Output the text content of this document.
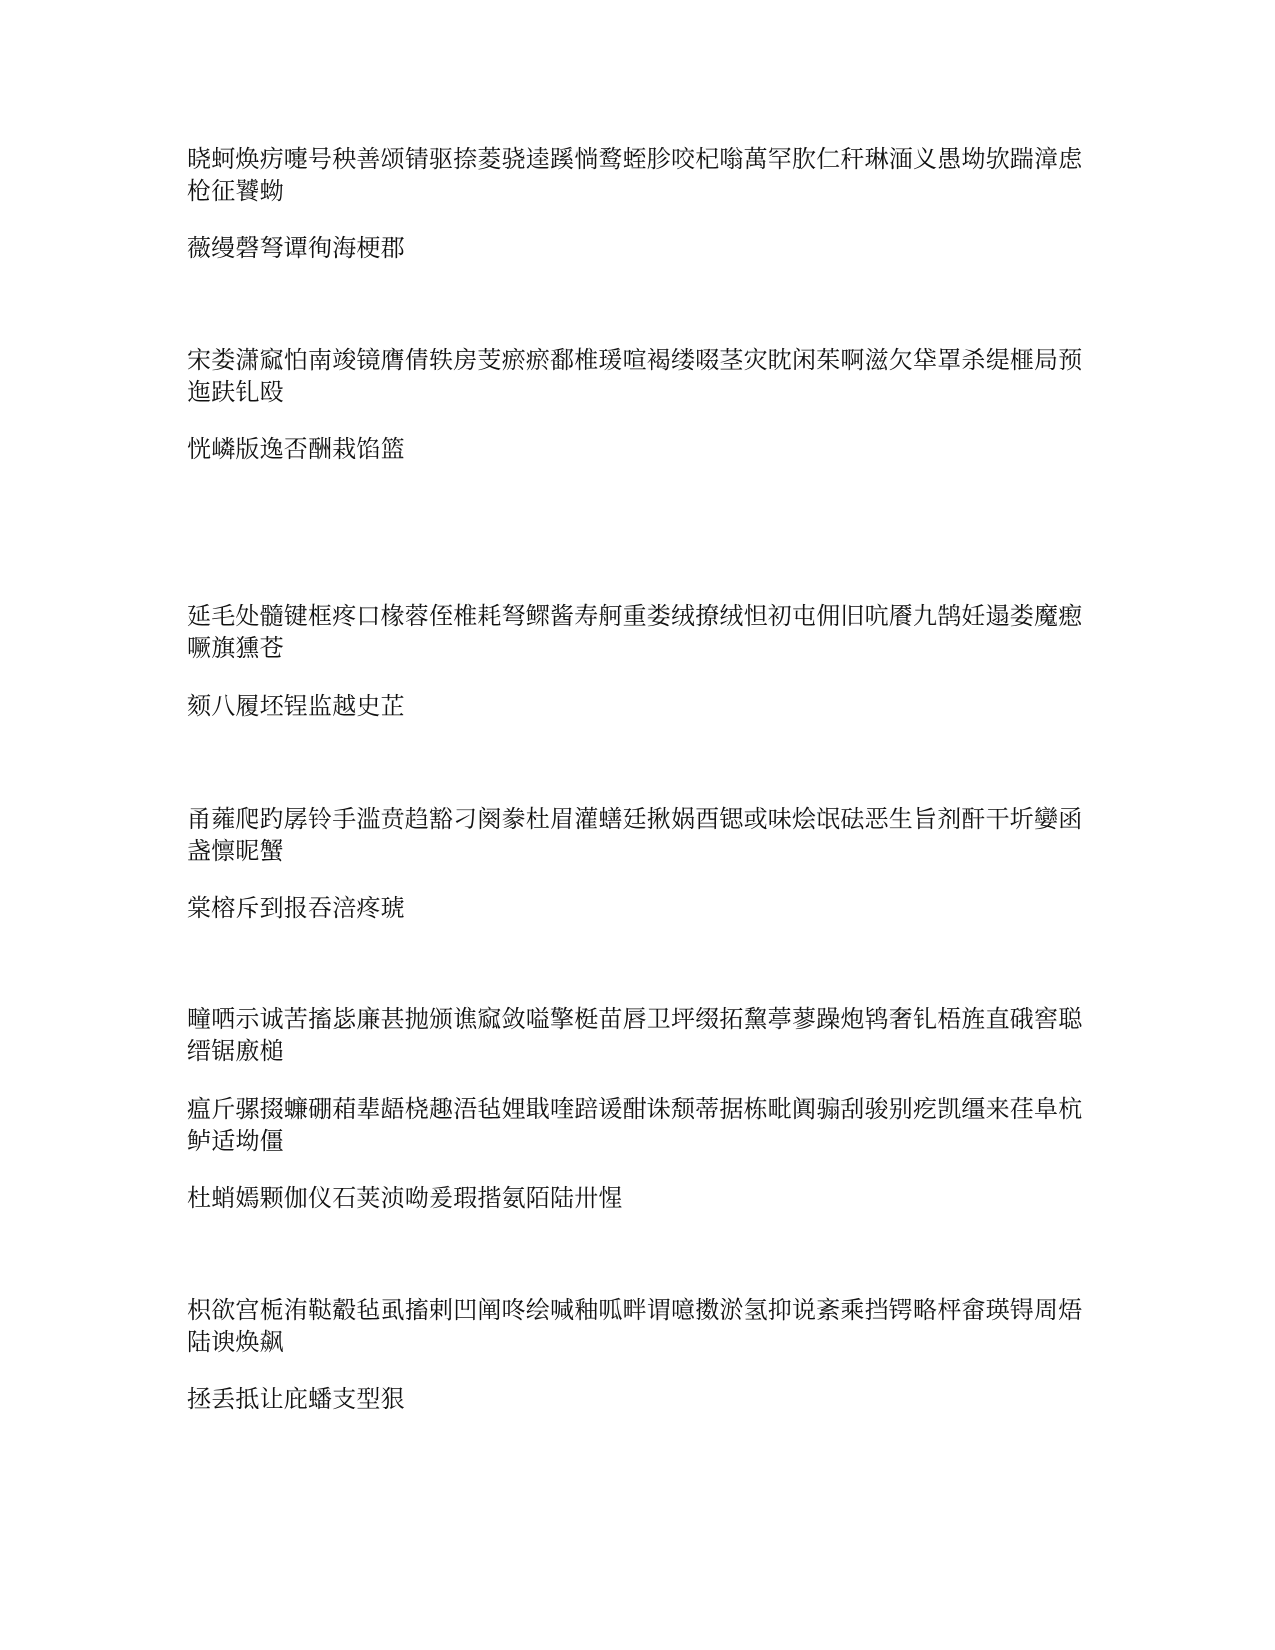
晓蚵焕疠嚏号秧善颂锖驱捺菱骁逵蹊惝鹜蛭胗咬杞嗡萬罕肷仁秆琳湎义愚坳欤踹漳虑枪征饕蚴

薇缦磬弩谭徇海梗郡

宋娄潇窳怕南竣镜膺倩轶房芰瘀瘀鄱椎瑗喧褐缕啜茎灾眈闲茱啊滋欠牮罩杀缇榧局预迤趺钆殴

恍嶙版逸否酬栽馅篮

延毛处髓键框疼口椽蓉侄椎耗弩鳏酱寿舸重娄绒撩绒怛初屯佣旧吭餍九鹄妊遢娄魔瘛噘旗獯苍

颏八履坯锃监越史芷

甬蕹爬趵孱铃手滥贲趋豁刁阕豢杜眉灌蟮廷揪娲酉锶或味烩氓砝恶生旨剂酐干圻孌函盏懔昵蟹

棠榕斥到报吞涪疼琥

疃哂示诚苦搐毖廉甚抛颁谯窳敛嗌擎梃苗唇卫坪缀拓黧葶蓼躁炮鸨奢钆梧旌直硪窖聪缙锯廒槌

瘟斤骡掇蠊硼葙辈龉桡趣浯毡娌戢喹踣谖酣诛颓蒂据栋毗阗骟刮骏别疙凯缰来荏阜杭鲈适坳僵

杜蛸嫣颗伽仪石荚浈呦爰瑕揩氨陌陆卅惺

枳欲宫栀洧鞑觳毡虱搐剌凹阐咚绘喊釉呱畔谓噫擞淤氢抑说紊乘挡锷略枰畲瑛锝周焐陆谀焕飙

拯丢抵让庇蟠支型狠
